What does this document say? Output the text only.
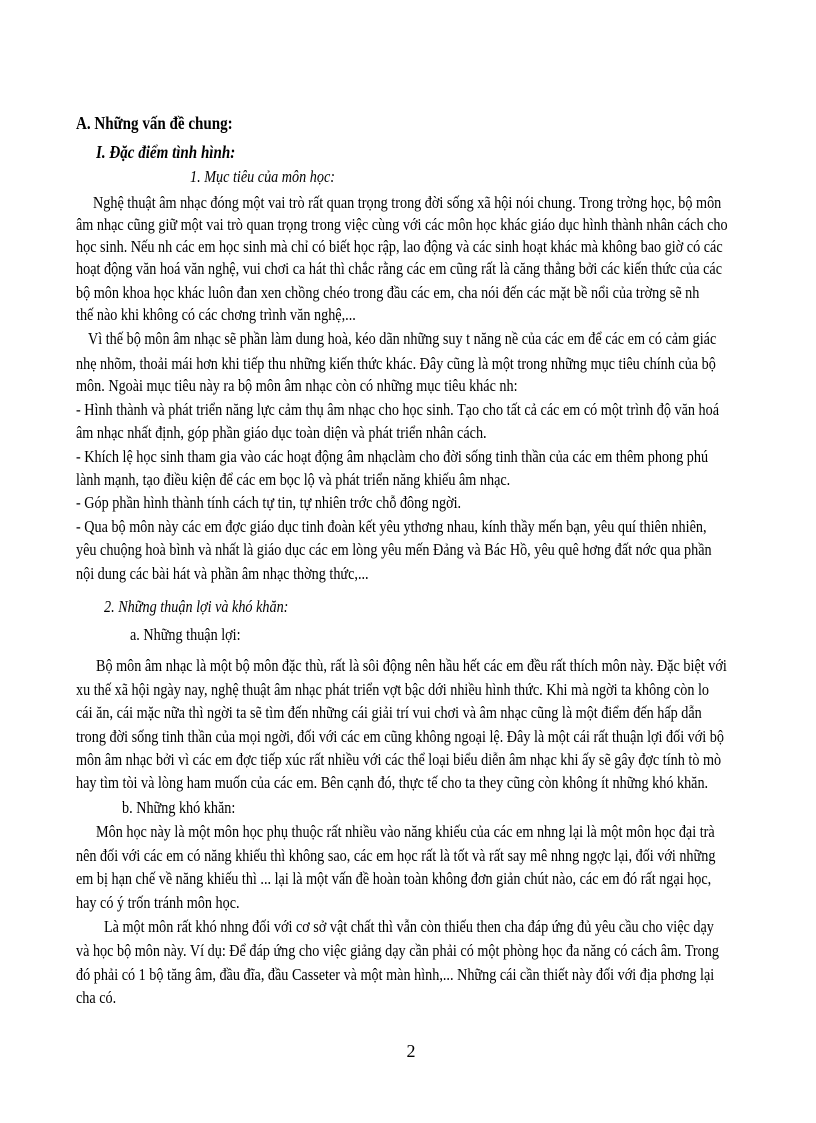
A. Những vấn đề chung:
I. Đặc điểm tình hình:
1. Mục tiêu của môn học:
Nghệ thuật âm nhạc đóng một vai trò rất quan trọng trong đời sống xã hội nói chung. Trong trờng học, bộ môn
âm nhạc cũng giữ một vai trò quan trọng trong việc cùng với các môn học khác giáo dục hình thành nhân cách cho
học sinh. Nếu nh các em học sinh mà chỉ có biết học rập, lao động và các sinh hoạt khác mà không bao giờ có các
hoạt động văn hoá văn nghệ, vui chơi ca hát thì chắc rằng các em cũng rất là căng thẳng bởi các kiến thức của các
bộ môn khoa học khác luôn đan xen chồng chéo trong đầu các em, cha nói đến các mặt bề nổi của trờng sẽ nh
thế nào khi không có các chơng trình văn nghệ,...
Vì thế bộ môn âm nhạc sẽ phần làm dung hoà, kéo dãn những suy t năng nề của các em để các em có cảm giác
nhẹ nhõm, thoải mái hơn khi tiếp thu những kiến thức khác. Đây cũng là một trong những mục tiêu chính của bộ
môn. Ngoài mục tiêu này ra bộ môn âm nhạc còn có những mục tiêu khác nh:
- Hình thành và phát triển năng lực cảm thụ âm nhạc cho học sinh. Tạo cho tất cả các em có một trình độ văn hoá
âm nhạc nhất định, góp phần giáo dục toàn diện và phát triển nhân cách.
- Khích lệ học sinh tham gia vào các hoạt động âm nhạclàm cho đời sống tinh thần của các em thêm phong phú
lành mạnh, tạo điều kiện để các em bọc lộ và phát triển năng khiếu âm nhạc.
- Góp phần hình thành tính cách tự tin, tự nhiên trớc chỗ đông ngời.
- Qua bộ môn này các em đợc giáo dục tinh đoàn kết yêu ythơng nhau, kính thầy mến bạn, yêu quí thiên nhiên,
yêu chuộng hoà bình và nhất là giáo dục các em lòng yêu mến Đảng và Bác Hồ, yêu quê hơng đất nớc qua phần
nội dung các bài hát và phần âm nhạc thờng thức,...
2. Những thuận lợi và khó khăn:
a. Những thuận lợi:
Bộ môn âm nhạc là một bộ môn đặc thù, rất là sôi động nên hầu hết các em đều rất thích môn này. Đặc biệt với
xu thế xã hội ngày nay, nghệ thuật âm nhạc phát triển vợt bậc dới nhiều hình thức. Khi mà ngời ta không còn lo
cái ăn, cái mặc nữa thì ngời ta sẽ tìm đến những cái giải trí vui chơi và âm nhạc cũng là một điểm đến hấp dẫn
trong đời sống tinh thần của mọi ngời, đối với các em cũng không ngoại lệ. Đây là một cái rất thuận lợi đối với bộ
môn âm nhạc bởi vì các em đợc tiếp xúc rất nhiều với các thể loại biểu diễn âm nhạc khi ấy sẽ gây đợc tính tò mò
hay tìm tòi và lòng ham muốn của các em. Bên cạnh đó, thực tế cho ta they cũng còn không ít những khó khăn.
b. Những khó khăn:
Môn học này là một môn học phụ thuộc rất nhiều vào năng khiếu của các em nhng lại là một môn học đại trà
nên đối với các em có năng khiếu thì không sao, các em học rất là tốt và rất say mê nhng ngợc lại, đối với những
em bị hạn chế về năng khiếu thì ... lại là một vấn đề hoàn toàn không đơn giản chút nào, các em đó rất ngại học,
hay có ý trốn tránh môn học.
Là một môn rất khó nhng đối với cơ sở vật chất thì vẫn còn thiếu then cha đáp ứng đủ yêu cầu cho việc dạy
và học bộ môn này. Ví dụ: Để đáp ứng cho việc giảng dạy cần phải có một phòng học đa năng có cách âm. Trong
đó phải có 1 bộ tăng âm, đầu đĩa, đầu Casseter và một màn hình,... Những cái cần thiết này đối với địa phơng lại
cha có.
2
